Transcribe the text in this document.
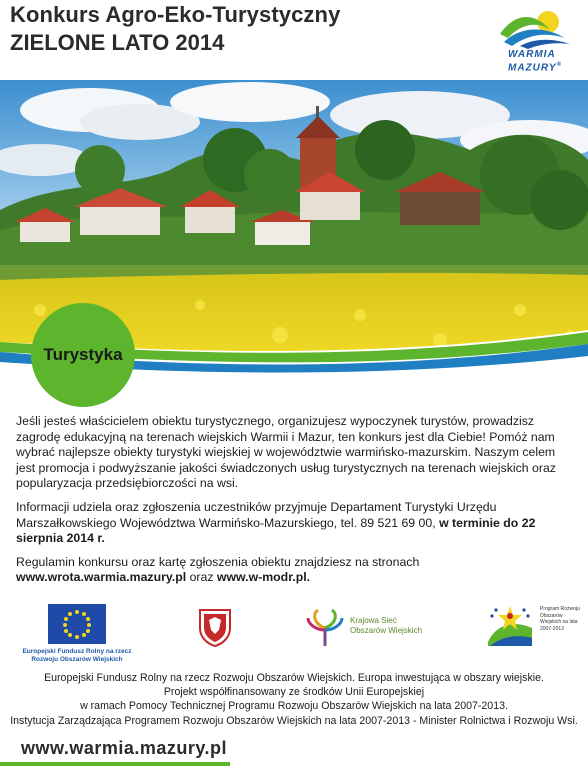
Konkurs Agro-Eko-Turystyczny
ZIELONE LATO 2014	WARMIA
MAZURY®
Turystyka

Jeśli jesteś właścicielem obiektu turystycznego, organizujesz wypoczynek turystów, prowadzisz zagrodę edukacyjną na terenach wiejskich Warmii i Mazur, ten konkurs jest dla Ciebie! Pomóż nam wybrać najlepsze obiekty turystyki wiejskiej w województwie warmińsko-mazurskim. Naszym celem jest promocja i podwyższanie jakości świadczonych usług turystycznych na terenach wiejskich oraz popularyzacja przedsiębiorczości na wsi.

Informacji udziela oraz zgłoszenia uczestników przyjmuje Departament Turystyki Urzędu Marszałkowskiego Województwa Warmińsko-Mazurskiego, tel. 89 521 69 00, w terminie do 22 sierpnia 2014 r.

Regulamin konkursu oraz kartę zgłoszenia obiektu znajdziesz na stronach www.wrota.warmia.mazury.pl oraz www.w-modr.pl.

Europejski Fundusz Rolny na rzecz Rozwoju Obszarów Wiejskich
Krajowa Sieć
Obszarów Wiejskich
Program Rozwoju Obszarów Wiejskich na lata 2007-2013
Europejski Fundusz Rolny na rzecz Rozwoju Obszarów Wiejskich. Europa inwestująca w obszary wiejskie.
Projekt współfinansowany ze środków Unii Europejskiej
w ramach Pomocy Technicznej Programu Rozwoju Obszarów Wiejskich na lata 2007-2013.
Instytucja Zarządzająca Programem Rozwoju Obszarów Wiejskich na lata 2007-2013 - Minister Rolnictwa i Rozwoju Wsi.
www.warmia.mazury.pl
